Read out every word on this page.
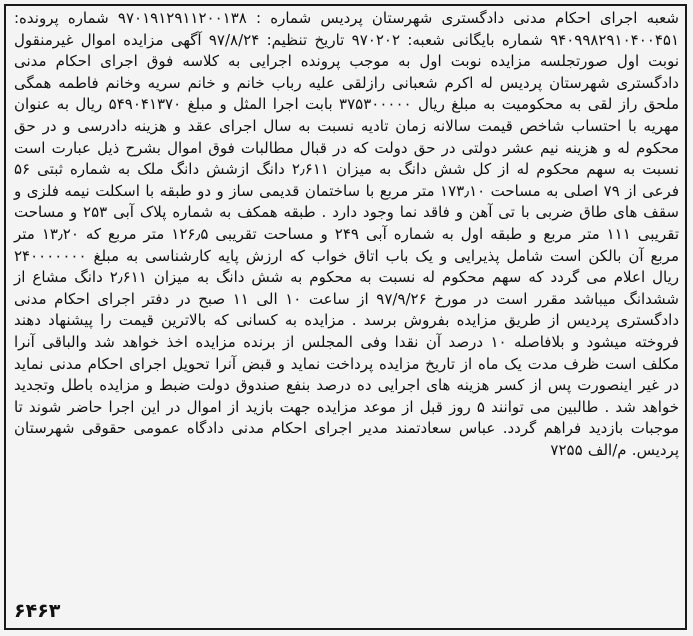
شعبه اجرای احکام مدنی دادگستری شهرستان پردیس شماره : ۹۷۰۱۹۱۲۹۱۱۲۰۰۱۳۸ شماره پرونده: ۹۴۰۹۹۸۲۹۱۰۴۰۰۴۵۱ شماره بایگانی شعبه: ۹۷۰۲۰۲ تاریخ تنظیم: ۹۷/۸/۲۴ آگهی مزایده اموال غیرمنقول نوبت اول صورتجلسه مزایده نوبت اول به موجب پرونده اجرایی به کلاسه فوق اجرای احکام مدنی دادگستری شهرستان پردیس له اکرم شعبانی رازلقی علیه رباب خانم و خانم سریه وخانم فاطمه همگی ملحق راز لقی به محکومیت به مبلغ ریال ۳۷۵۳۰۰۰۰۰ بابت اجرا المثل و مبلغ ۵۴۹۰۴۱۳۷۰ ریال به عنوان مهریه با احتساب شاخص قیمت سالانه زمان تادیه نسبت به سال اجرای عقد و هزینه دادرسی و در حق محکوم له و هزینه نیم عشر دولتی در حق دولت که در قبال مطالبات فوق اموال بشرح ذیل عبارت است نسبت به سهم محکوم له از کل شش دانگ به میزان ۲٫۶۱۱ دانگ ازشش دانگ ملک به شماره ثبتی ۵۶ فرعی از ۷۹ اصلی به مساحت ۱۷۳٫۱۰ متر مربع با ساختمان قدیمی ساز و دو طبقه با اسکلت نیمه فلزی و سقف های طاق ضربی با تی آهن و فاقد نما وجود دارد . طبقه همکف به شماره پلاک آبی ۲۵۳ و مساحت تقریبی ۱۱۱ متر مربع و طبقه اول به شماره آبی ۲۴۹ و مساحت تقریبی ۱۲۶٫۵ متر مربع که ۱۳٫۲۰ متر مربع آن بالکن است شامل پذیرایی و یک باب اتاق خواب که ارزش پایه کارشناسی به مبلغ ۲۴۰۰۰۰۰۰۰ ریال اعلام می گردد که سهم محکوم له نسبت به محکوم به شش دانگ به میزان ۲٫۶۱۱ دانگ مشاع از ششدانگ میباشد مقرر است در مورخ ۹۷/۹/۲۶ از ساعت ۱۰ الی ۱۱ صبح در دفتر اجرای احکام مدنی دادگستری پردیس از طریق مزایده بفروش برسد . مزایده به کسانی که بالاترین قیمت را پیشنهاد دهند فروخته میشود و بلافاصله ۱۰ درصد آن نقدا وفی المجلس از برنده مزایده اخذ خواهد شد والباقی آنرا مکلف است ظرف مدت یک ماه از تاریخ مزایده پرداخت نماید و قبض آنرا تحویل اجرای احکام مدنی نماید در غیر اینصورت پس از کسر هزینه های اجرایی ده درصد بنفع صندوق دولت ضبط و مزایده باطل وتجدید خواهد شد . طالبین می توانند ۵ روز قبل از موعد مزایده جهت بازید از اموال در این اجرا حاضر شوند تا موجبات بازدید فراهم گردد. عباس سعادتمند مدیر اجرای احکام مدنی دادگاه عمومی حقوقی شهرستان پردیس. م/الف ۷۲۵۵

۶۴۶۳
